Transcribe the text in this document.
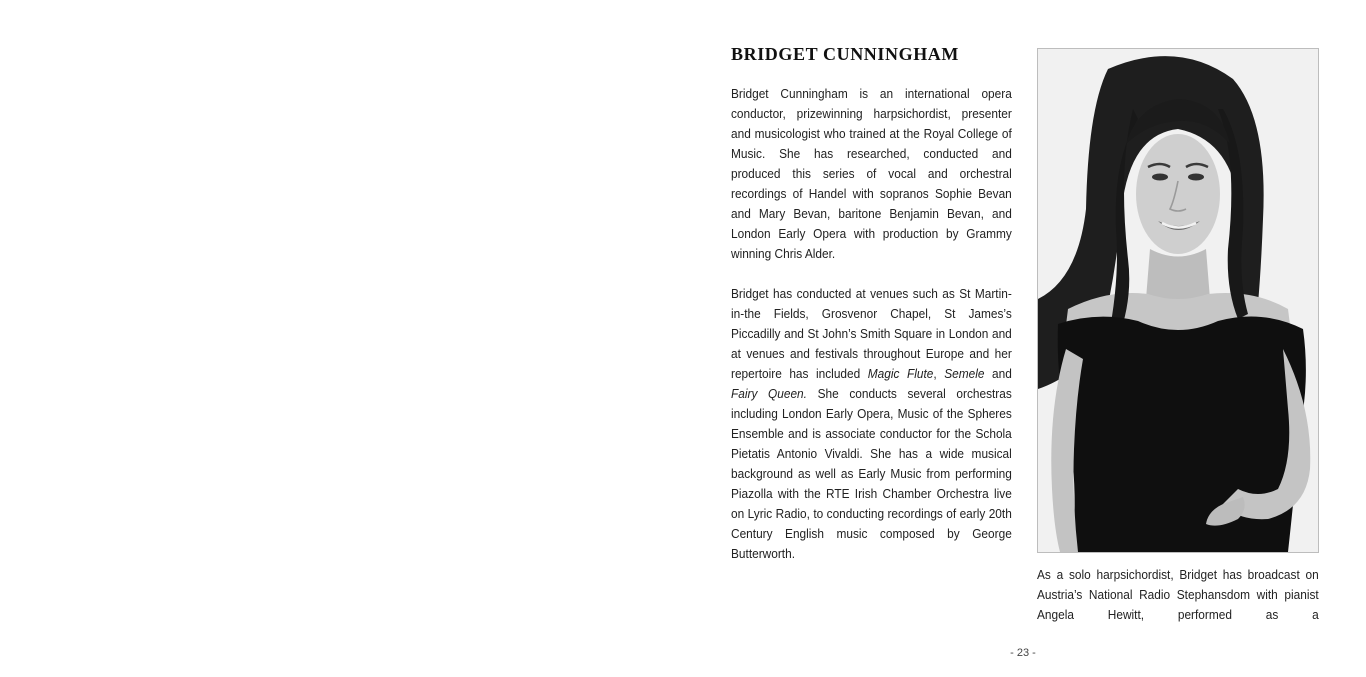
BRIDGET CUNNINGHAM

Bridget Cunningham is an international opera conductor, prizewinning harpsichordist, presenter and musicologist who trained at the Royal College of Music. She has researched, conducted and produced this series of vocal and orchestral recordings of Handel with sopranos Sophie Bevan and Mary Bevan, baritone Benjamin Bevan, and London Early Opera with production by Grammy winning Chris Alder.

Bridget has conducted at venues such as St Martin-in-the Fields, Grosvenor Chapel, St James’s Piccadilly and St John’s Smith Square in London and at venues and festivals throughout Europe and her repertoire has included Magic Flute, Semele and Fairy Queen. She conducts several orchestras including London Early Opera, Music of the Spheres Ensemble and is associate conductor for the Schola Pietatis Antonio Vivaldi. She has a wide musical background as well as Early Music from performing Piazolla with the RTE Irish Chamber Orchestra live on Lyric Radio, to conducting recordings of early 20th Century English music composed by George Butterworth.

As a solo harpsichordist, Bridget has broadcast on Austria’s National Radio Stephansdom with pianist Angela Hewitt, performed as a

- 23 -
